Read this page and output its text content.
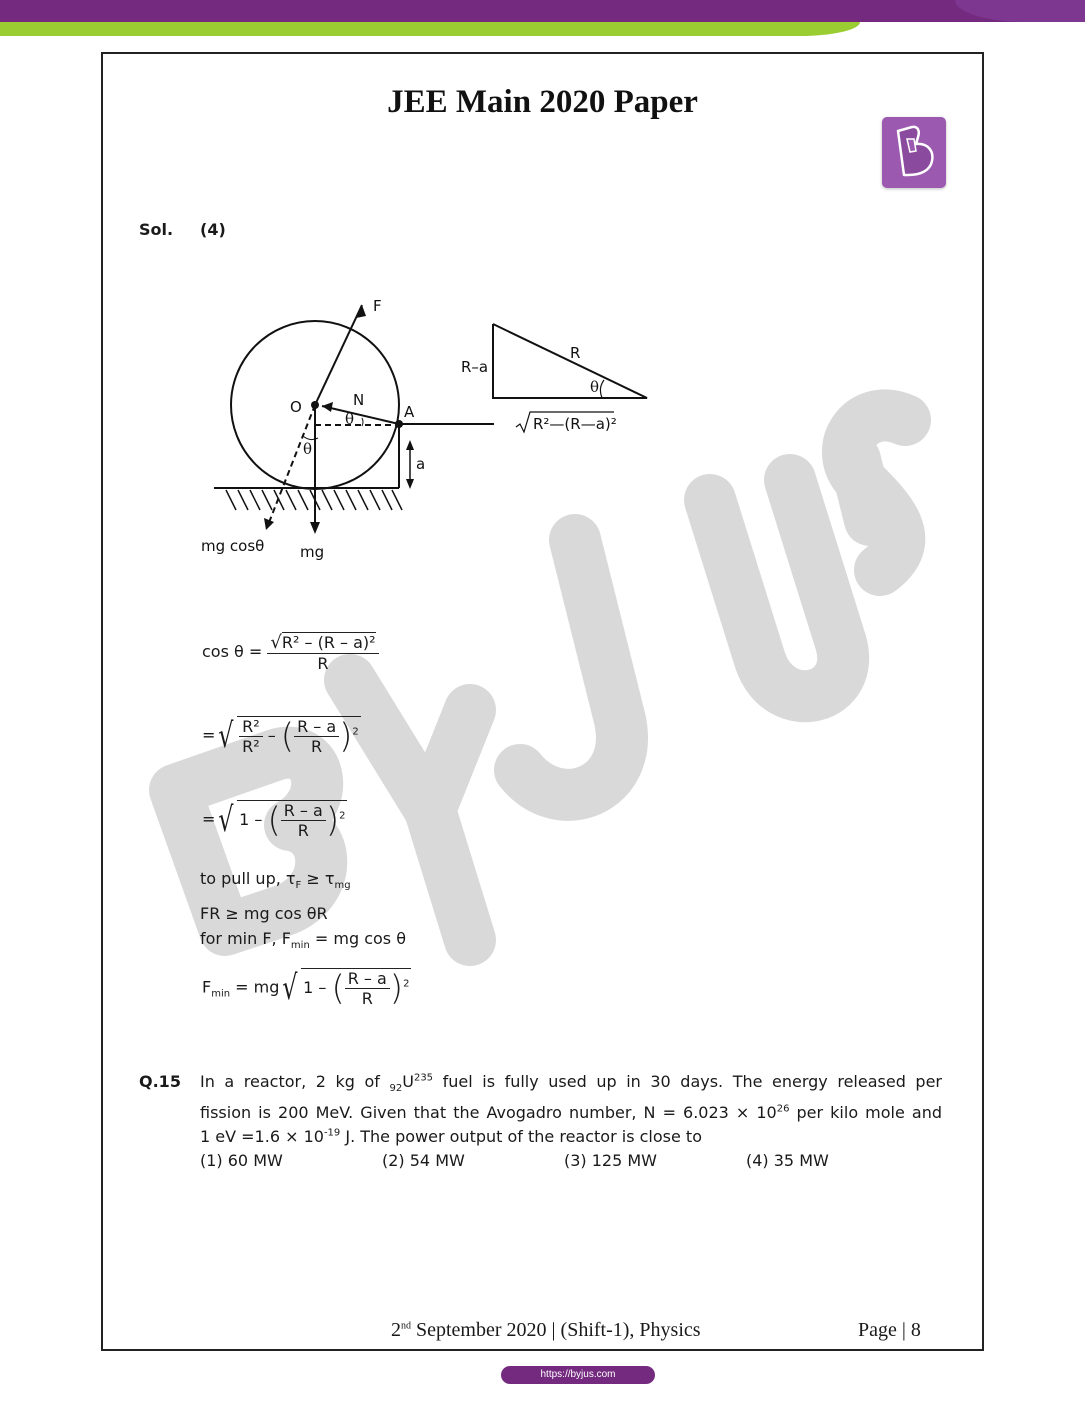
JEE Main 2020 Paper
Sol. (4)
F
O	N
A
θ
θ
a
mg cosθ mg
R–a
R
θ
R²—(R—a)²
$\cos \theta = \frac{\text{√R² – (R – a)²}}{R}$
=√ $\frac{\text{R²}}{\text{R²}}$ – ( $\frac{R - a}{R} )^2$
=√ 1 – ( $\frac{R - a}{R} )^2$
to pull up, $\tau_F \ge \tau_{mg}$
FR ≥ mg cos θR
for min F, $F_{min}$ = mg cos θ
$F_{min} = mg√$ 1 – ( $\frac{R - a}{R} )^2$
Q.15 In a reactor, 2 kg of $_{92}U^{235}$ fuel is fully used up in 30 days. The energy released per
fission is 200 MeV. Given that the Avogadro number, $N = 6.023 \times 10^{26}$ per kilo mole and
1 eV $=1.6 \times 10^{-19}$ J. The power output of the reactor is close to
(1) 60 MW	(2) 54 MW	(3) 125 MW	(4) 35 MW
2nd September 2020 | (Shift-1), Physics	Page | 8
https://byjus.com
